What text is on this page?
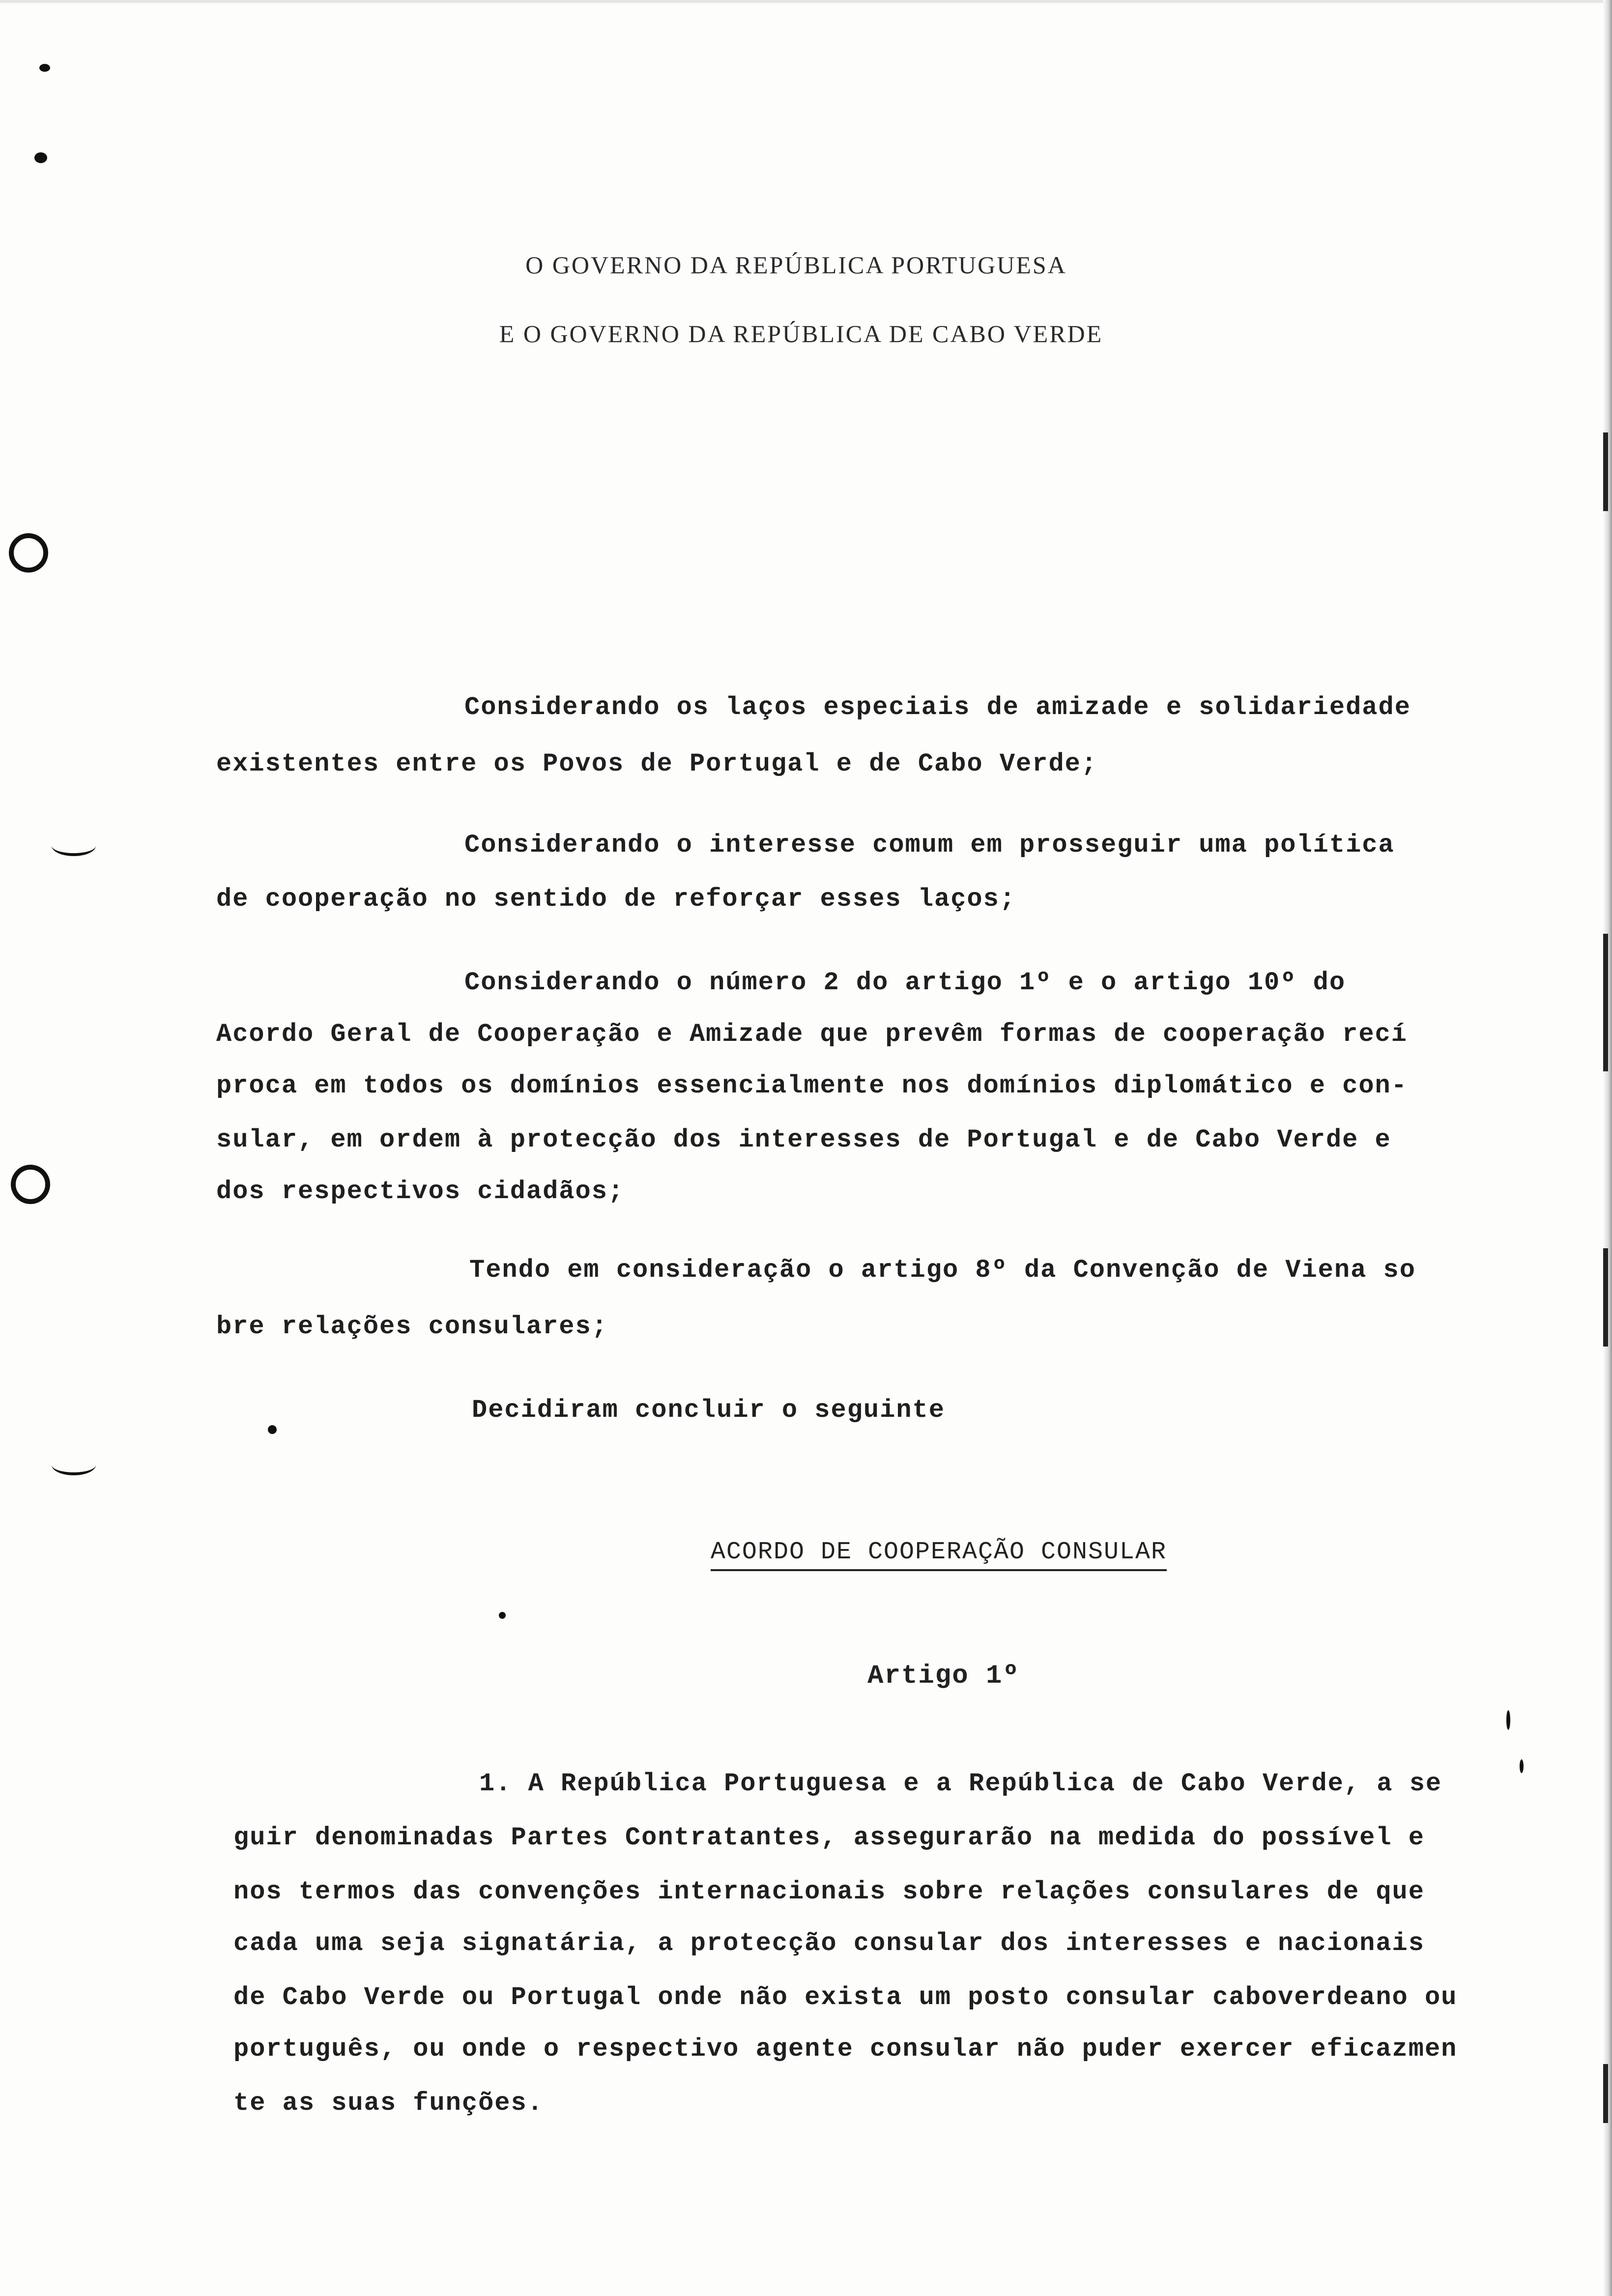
O GOVERNO DA REPÚBLICA PORTUGUESA
E O GOVERNO DA REPÚBLICA DE CABO VERDE
Considerando os laços especiais de amizade e solidariedade
existentes entre os Povos de Portugal e de Cabo Verde;
Considerando o interesse comum em prosseguir uma política
de cooperação no sentido de reforçar esses laços;
Considerando o número 2 do artigo 1º e o artigo 10º do
Acordo Geral de Cooperação e Amizade que prevêm formas de cooperação recí
proca em todos os domínios essencialmente nos domínios diplomático e con-
sular, em ordem à protecção dos interesses de Portugal e de Cabo Verde e
dos respectivos cidadãos;
Tendo em consideração o artigo 8º da Convenção de Viena so
bre relações consulares;
Decidiram concluir o seguinte
ACORDO DE COOPERAÇÃO CONSULAR
Artigo 1º
1. A República Portuguesa e a República de Cabo Verde, a se
guir denominadas Partes Contratantes, assegurarão na medida do possível e
nos termos das convenções internacionais sobre relações consulares de que
cada uma seja signatária, a protecção consular dos interesses e nacionais
de Cabo Verde ou Portugal onde não exista um posto consular caboverdeano ou
português, ou onde o respectivo agente consular não puder exercer eficazmen
te as suas funções.
